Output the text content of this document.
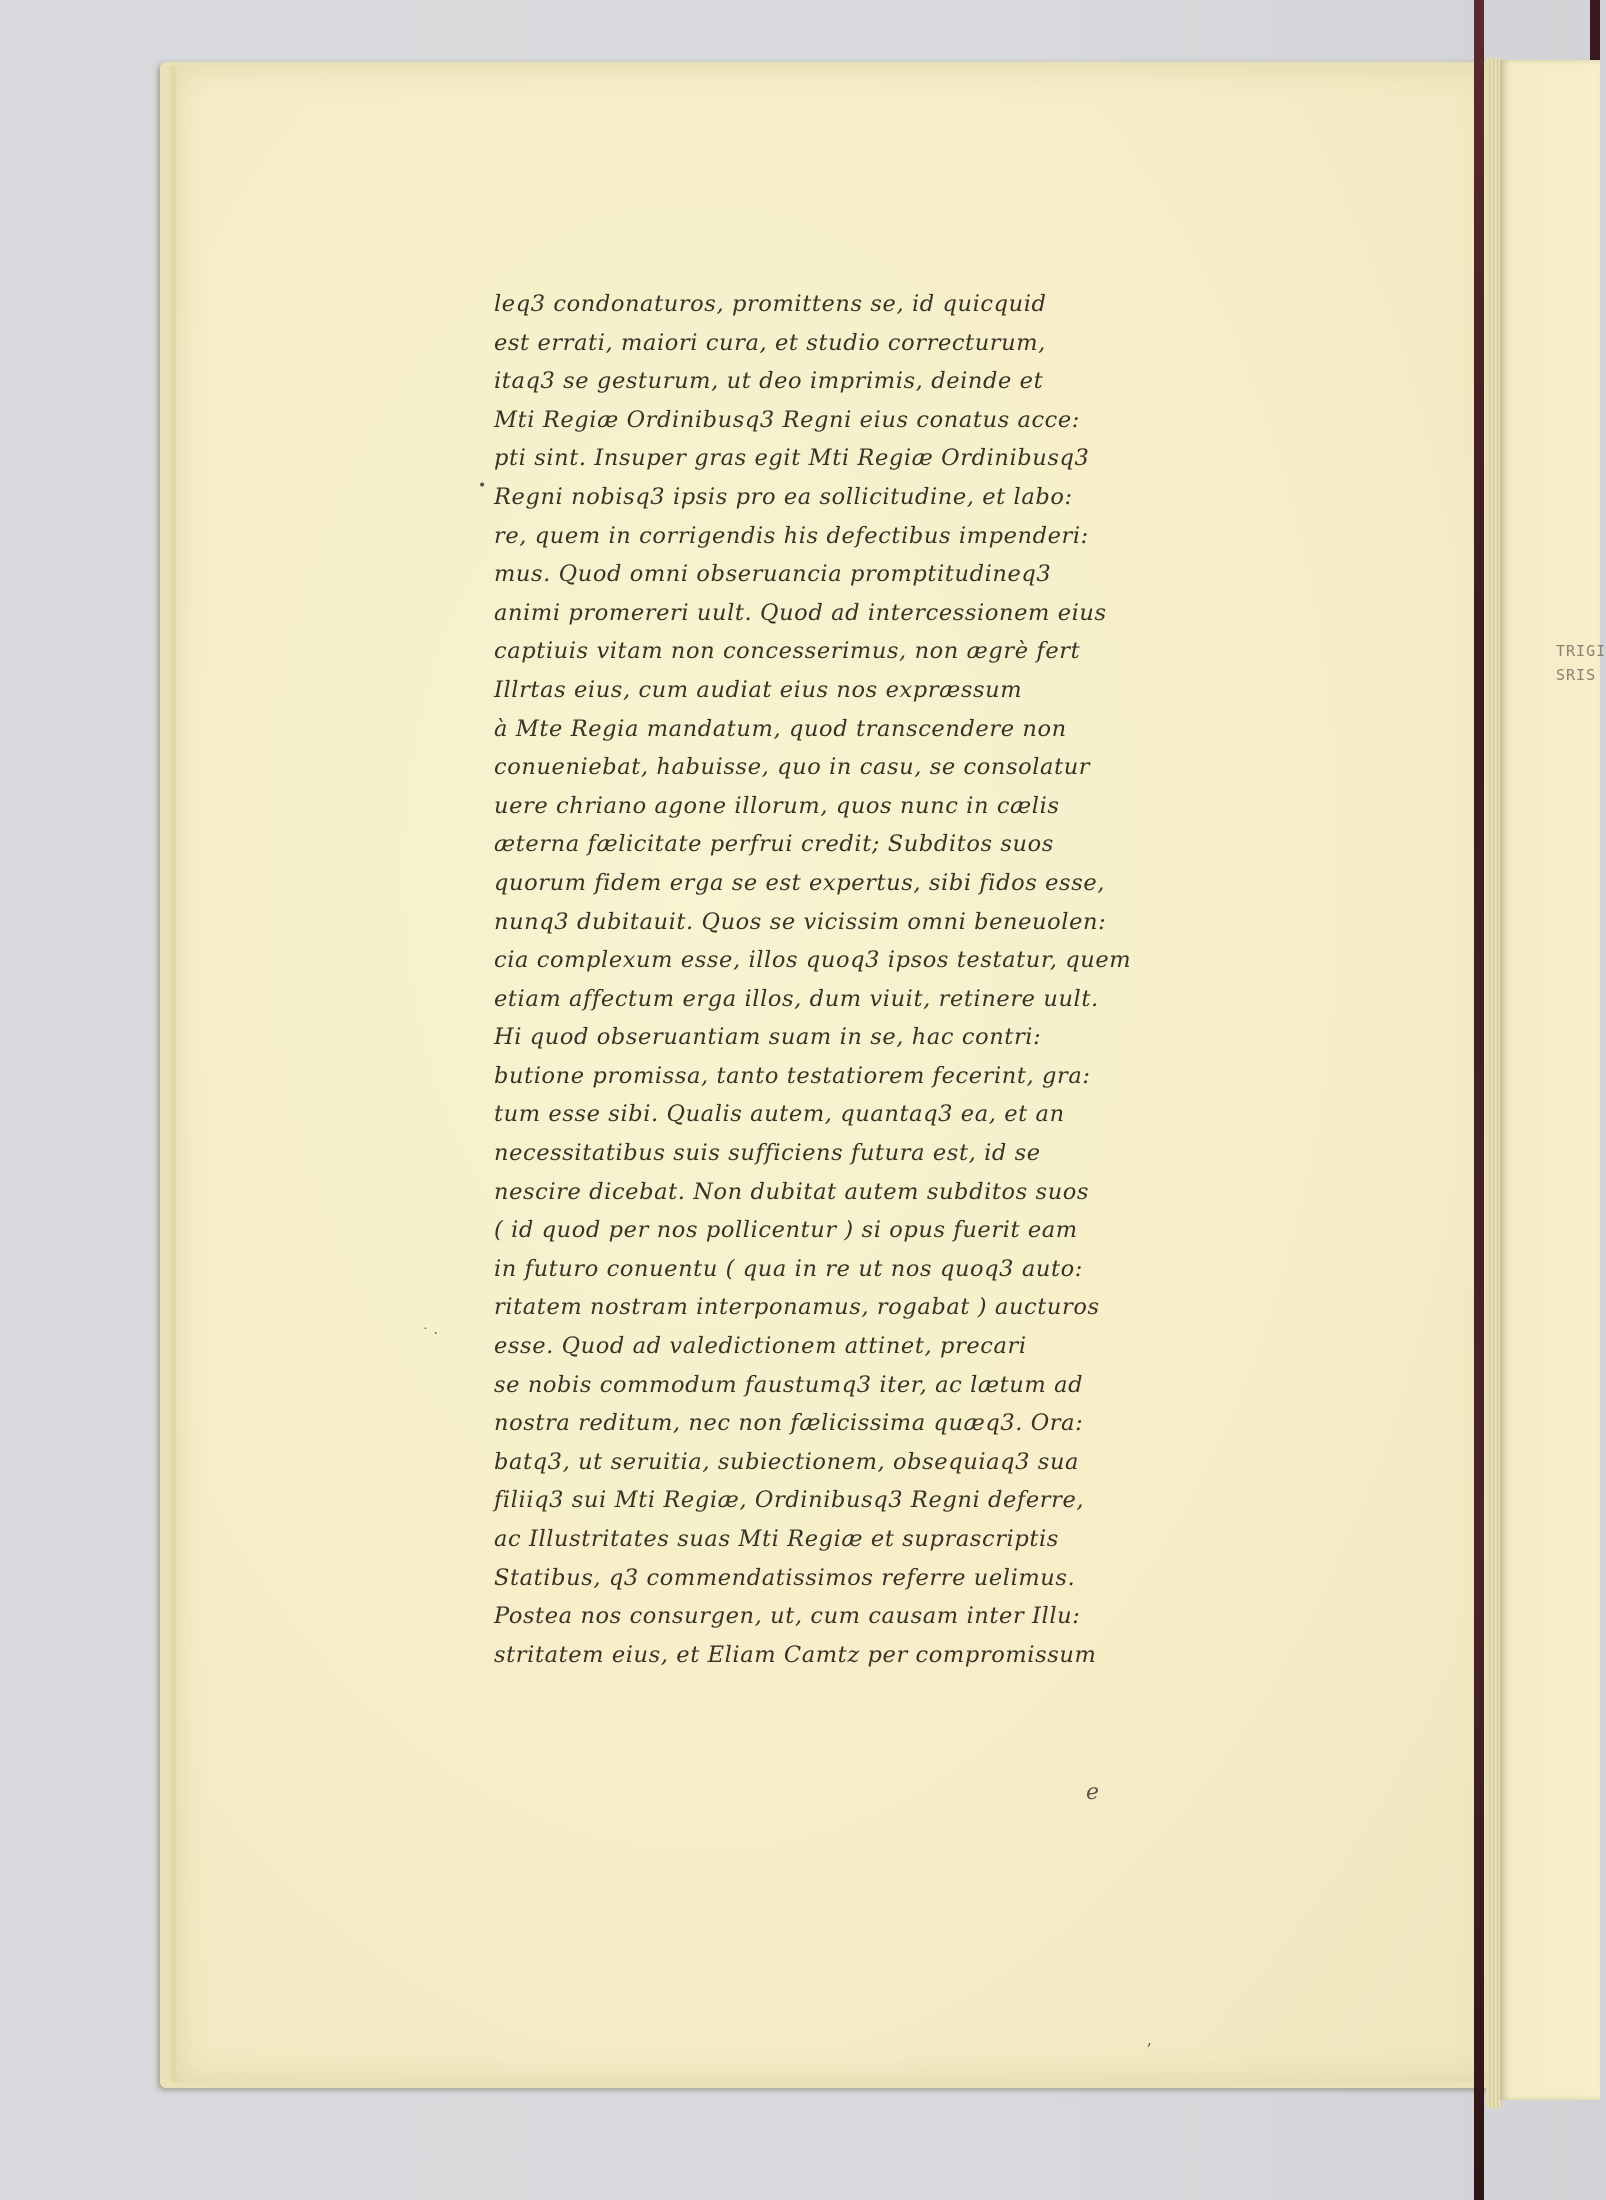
TRIGI
SRIS
•
˙ ·
leq3 condonaturos, promittens se, id quicquid
est errati, maiori cura, et studio correcturum,
itaq3 se gesturum, ut deo imprimis, deinde et
Mti Regiæ Ordinibusq3 Regni eius conatus acce:
pti sint. Insuper gras egit Mti Regiæ Ordinibusq3
Regni nobisq3 ipsis pro ea sollicitudine, et labo:
re, quem in corrigendis his defectibus impenderi:
mus. Quod omni obseruancia promptitudineq3
animi promereri uult. Quod ad intercessionem eius
captiuis vitam non concesserimus, non ægrè fert
Illrtas eius, cum audiat eius nos expræssum
à Mte Regia mandatum, quod transcendere non
conueniebat, habuisse, quo in casu, se consolatur
uere chriano agone illorum, quos nunc in cælis
æterna fælicitate perfrui credit; Subditos suos
quorum fidem erga se est expertus, sibi fidos esse,
nunq3 dubitauit. Quos se vicissim omni beneuolen:
cia complexum esse, illos quoq3 ipsos testatur, quem
etiam affectum erga illos, dum viuit, retinere uult.
Hi quod obseruantiam suam in se, hac contri:
butione promissa, tanto testatiorem fecerint, gra:
tum esse sibi. Qualis autem, quantaq3 ea, et an
necessitatibus suis sufficiens futura est, id se
nescire dicebat. Non dubitat autem subditos suos
( id quod per nos pollicentur ) si opus fuerit eam
in futuro conuentu ( qua in re ut nos quoq3 auto:
ritatem nostram interponamus, rogabat ) aucturos
esse. Quod ad valedictionem attinet, precari
se nobis commodum faustumq3 iter, ac lætum ad
nostra reditum, nec non fælicissima quæq3. Ora:
batq3, ut seruitia, subiectionem, obsequiaq3 sua
filiiq3 sui Mti Regiæ, Ordinibusq3 Regni deferre,
ac Illustritates suas Mti Regiæ et suprascriptis
Statibus, q3 commendatissimos referre uelimus.
Postea nos consurgen, ut, cum causam inter Illu:
stritatem eius, et Eliam Camtz per compromissum
e
ʼ
